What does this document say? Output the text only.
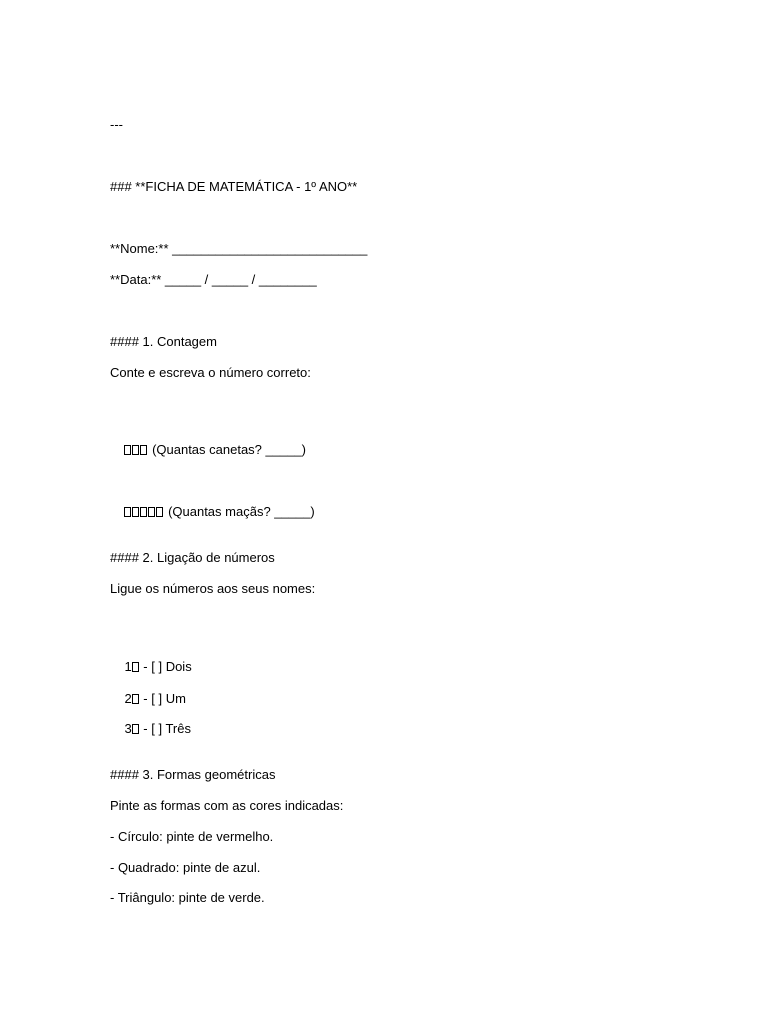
---
### **FICHA DE MATEMÁTICA - 1º ANO**
**Nome:** ___________________________
**Data:** _____ / _____ / ________
#### 1. Contagem
Conte e escreva o número correto:

(Quantas canetas? _____)

(Quantas maçãs? _____)

#### 2. Ligação de números
Ligue os números aos seus nomes:

1 - [ ] Dois

2 - [ ] Um

3 - [ ] Três

#### 3. Formas geométricas
Pinte as formas com as cores indicadas:
- Círculo: pinte de vermelho.
- Quadrado: pinte de azul.
- Triângulo: pinte de verde.
